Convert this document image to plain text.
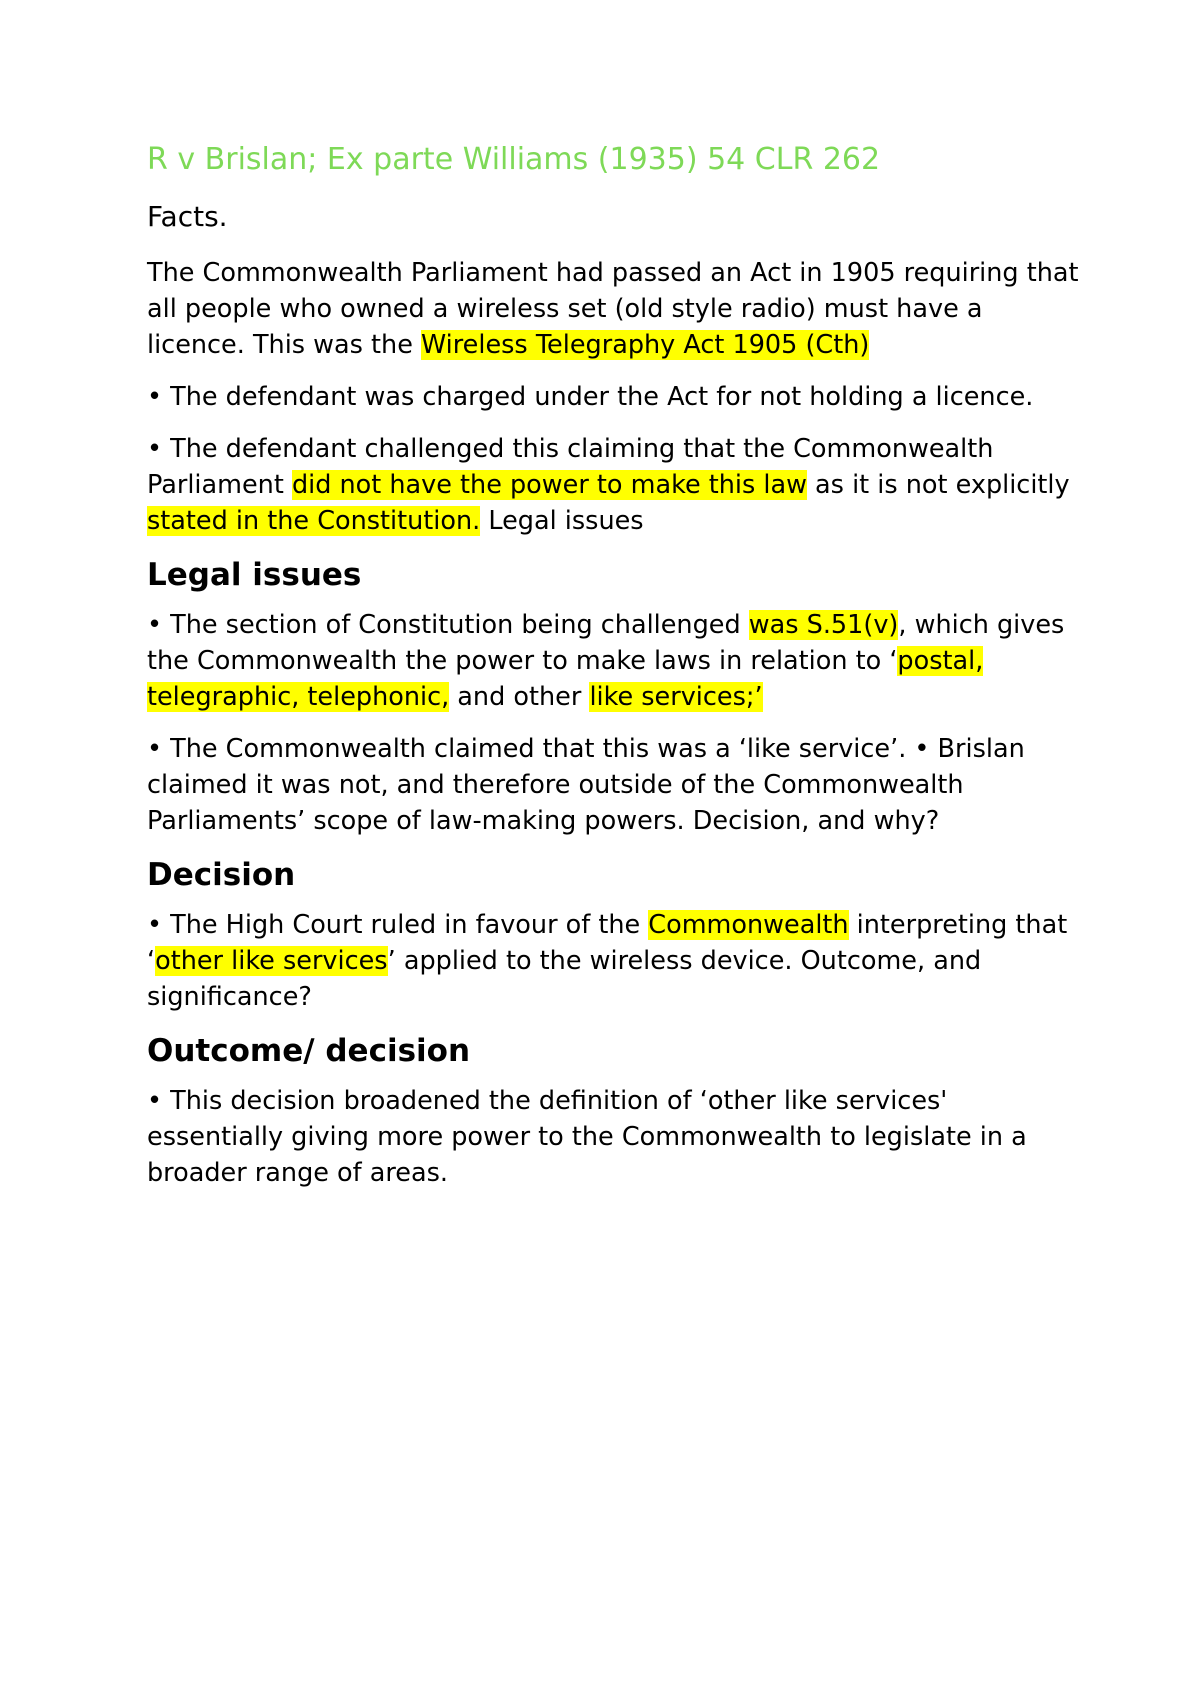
R v Brislan; Ex parte Williams (1935) 54 CLR 262
Facts.

The Commonwealth Parliament had passed an Act in 1905 requiring that all people who owned a wireless set (old style radio) must have a licence. This was the Wireless Telegraphy Act 1905 (Cth)

• The defendant was charged under the Act for not holding a licence.

• The defendant challenged this claiming that the Commonwealth Parliament did not have the power to make this law as it is not explicitly stated in the Constitution. Legal issues

Legal issues

• The section of Constitution being challenged was S.51(v), which gives the Commonwealth the power to make laws in relation to ‘postal, telegraphic, telephonic, and other like services;’

• The Commonwealth claimed that this was a ‘like service’. • Brislan claimed it was not, and therefore outside of the Commonwealth Parliaments’ scope of law-making powers. Decision, and why?

Decision

• The High Court ruled in favour of the Commonwealth interpreting that ‘other like services’ applied to the wireless device. Outcome, and significance?

Outcome/ decision

• This decision broadened the definition of ‘other like services' essentially giving more power to the Commonwealth to legislate in a broader range of areas.
